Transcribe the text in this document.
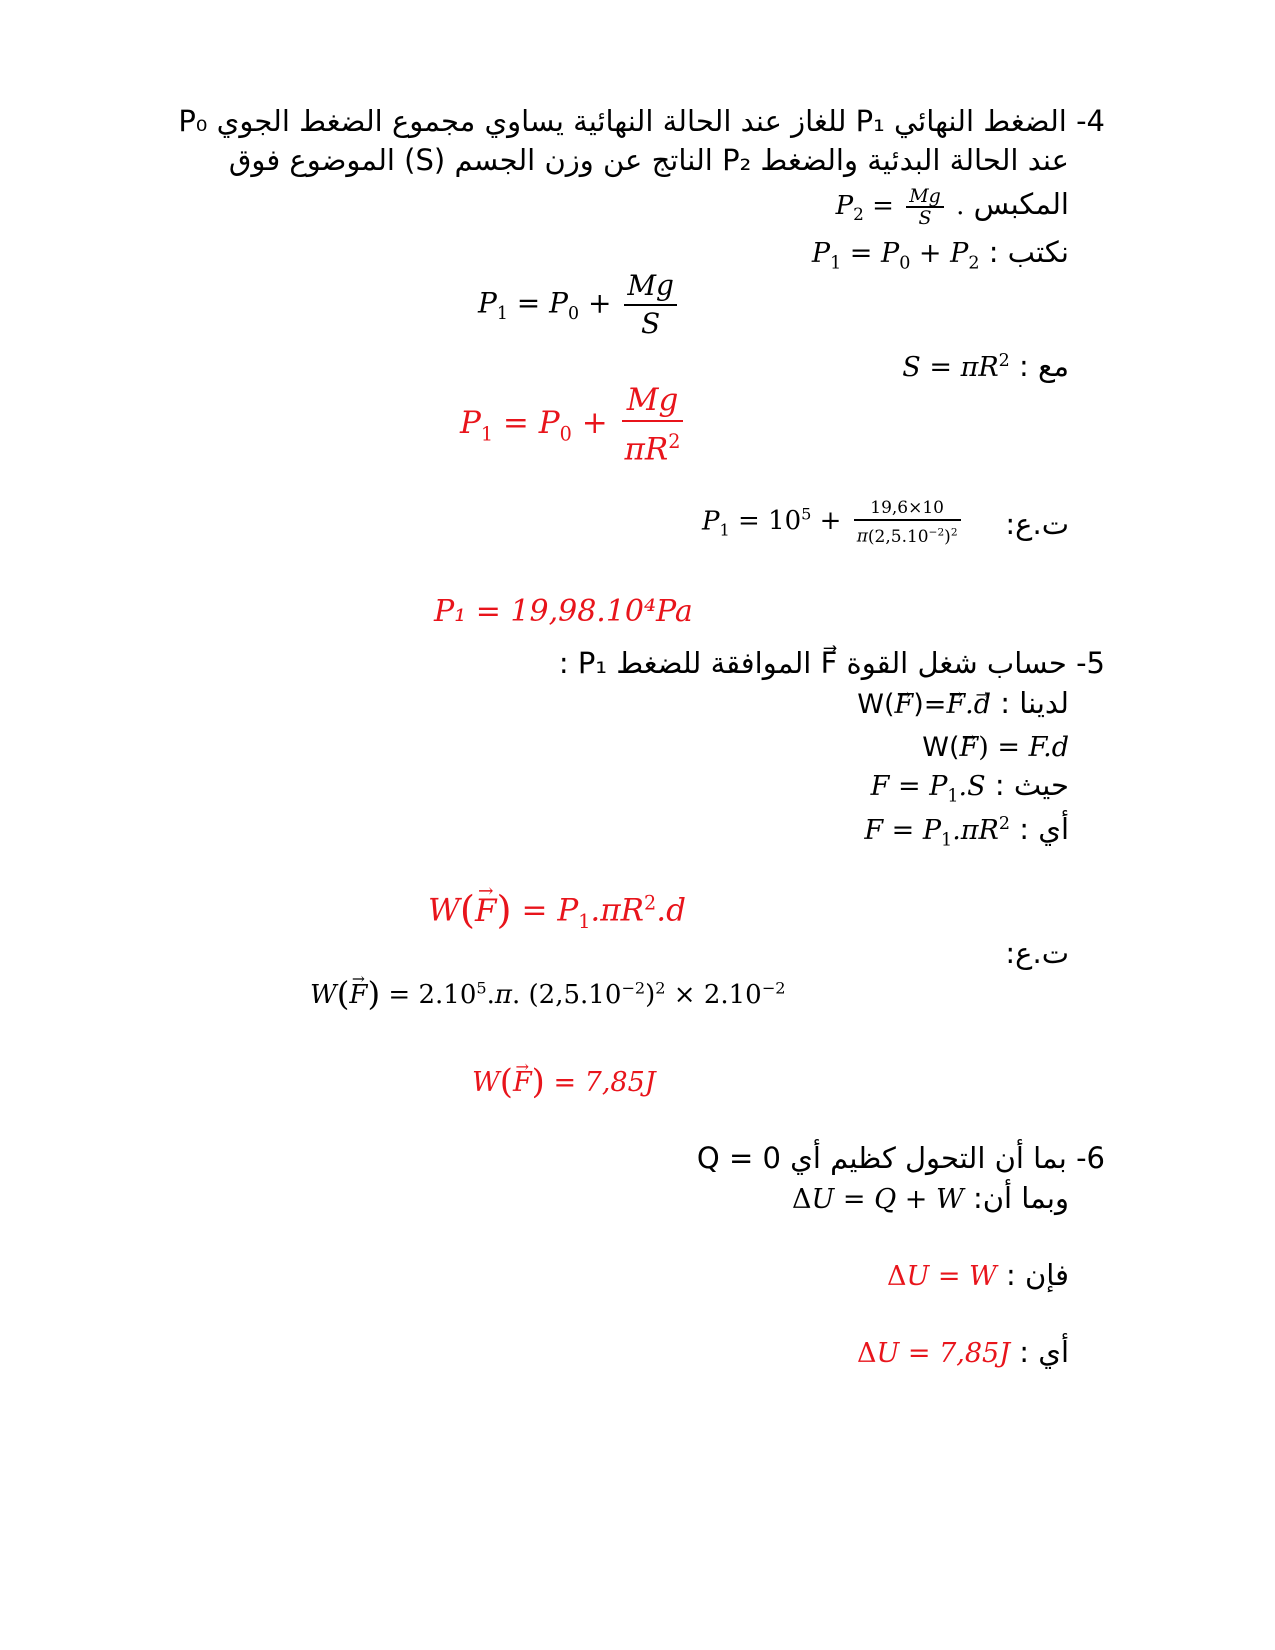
4- الضغط النهائي P₁ للغاز عند الحالة النهائية يساوي مجموع الضغط الجوي P₀
عند الحالة البدئية والضغط P₂ الناتج عن وزن الجسم (S) الموضوع فوق
المكبس $P_2 = \frac{Mg}{S}$ .
نكتب : $P_1 = P_0 + P_2$
$P_1 = P_0 + \frac{Mg}{S}$
مع : $S = \pi R^2$
$P_1 = P_0 + \frac{Mg}{\pi R^2}$
ت.ع:
$P_1 = 10^5 + \frac{19,6\times 10}{\pi(2,5.10^{-2})^2}$
P₁ = 19,98.10⁴Pa
5- حساب شغل القوة F⃗ الموافقة للضغط P₁ :
لدينا : W(→ F)=→ F.→ d
W(→ F) = F.d
حيث : $F = P_1.S$
أي : $F = P_1.\pi R^2$
$W(\to F) = P_1.\pi R^2.d$
ت.ع:
$W(\to F) = 2.10^5.\pi$. $(2,5.10^{-2})^2 \times 2.10^{-2}$
W(→ F) = 7,85J
6- بما أن التحول كظيم أي Q = 0
وبما أن: ΔU = Q + W
فإن : ΔU = W
أي : ΔU = 7,85J
